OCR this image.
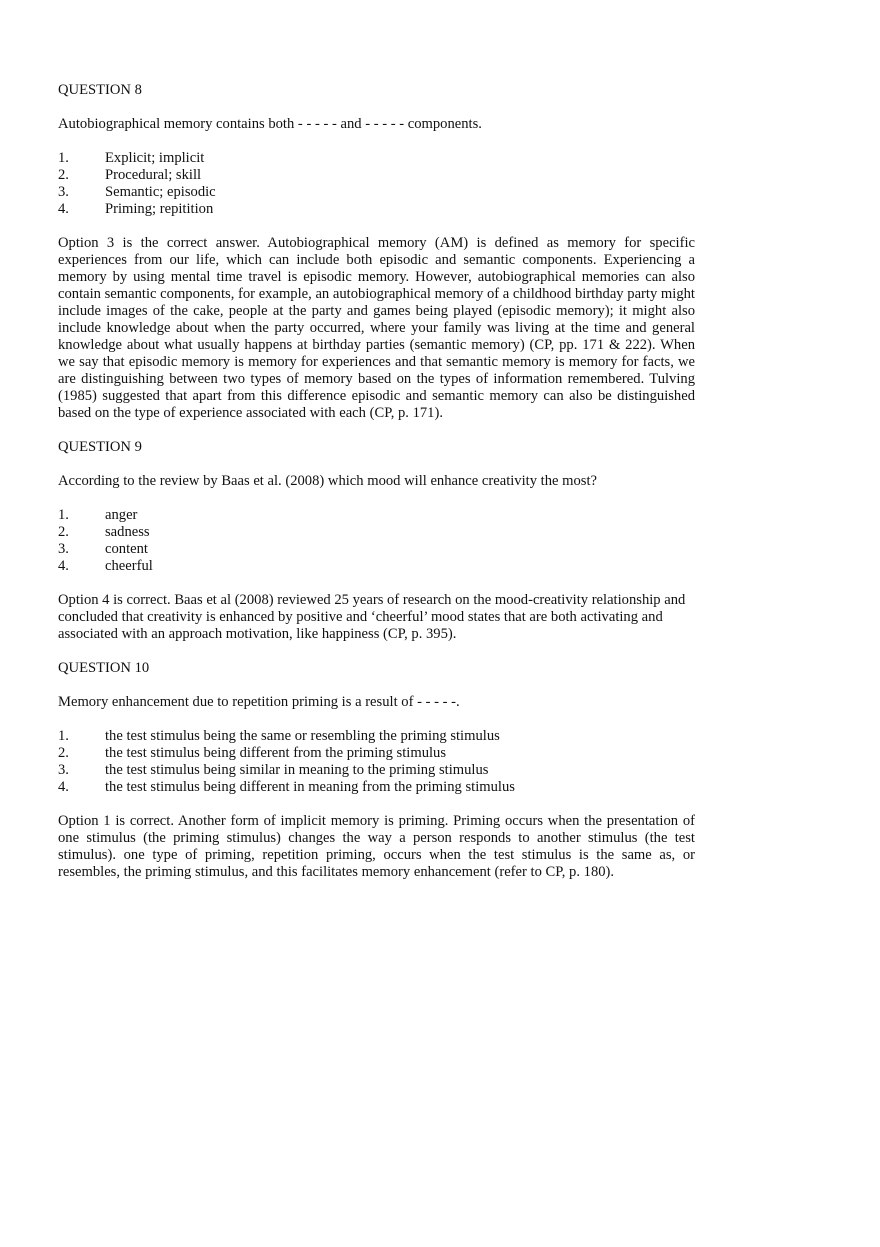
QUESTION 8

Autobiographical memory contains both - - - - - and - - - - - components.

1.	Explicit; implicit
2.	Procedural; skill
3.	Semantic; episodic
4.	Priming; repitition

Option 3 is the correct answer. Autobiographical memory (AM) is defined as memory for specific experiences from our life, which can include both episodic and semantic components. Experiencing a memory by using mental time travel is episodic memory. However, autobiographical memories can also contain semantic components, for example, an autobiographical memory of a childhood birthday party might include images of the cake, people at the party and games being played (episodic memory); it might also include knowledge about when the party occurred, where your family was living at the time and general knowledge about what usually happens at birthday parties (semantic memory) (CP, pp. 171 & 222). When we say that episodic memory is memory for experiences and that semantic memory is memory for facts, we are distinguishing between two types of memory based on the types of information remembered. Tulving (1985) suggested that apart from this difference episodic and semantic memory can also be distinguished based on the type of experience associated with each (CP, p. 171).

QUESTION 9

According to the review by Baas et al. (2008) which mood will enhance creativity the most?

1.	anger
2.	sadness
3.	content
4.	cheerful

Option 4 is correct. Baas et al (2008) reviewed 25 years of research on the mood-creativity relationship and concluded that creativity is enhanced by positive and ‘cheerful’ mood states that are both activating and associated with an approach motivation, like happiness (CP, p. 395).

QUESTION 10

Memory enhancement due to repetition priming is a result of - - - - -.

1.	the test stimulus being the same or resembling the priming stimulus
2.	the test stimulus being different from the priming stimulus
3.	the test stimulus being similar in meaning to the priming stimulus
4.	the test stimulus being different in meaning from the priming stimulus

Option 1 is correct. Another form of implicit memory is priming. Priming occurs when the presentation of one stimulus (the priming stimulus) changes the way a person responds to another stimulus (the test stimulus). one type of priming, repetition priming, occurs when the test stimulus is the same as, or resembles, the priming stimulus, and this facilitates memory enhancement (refer to CP, p. 180).
